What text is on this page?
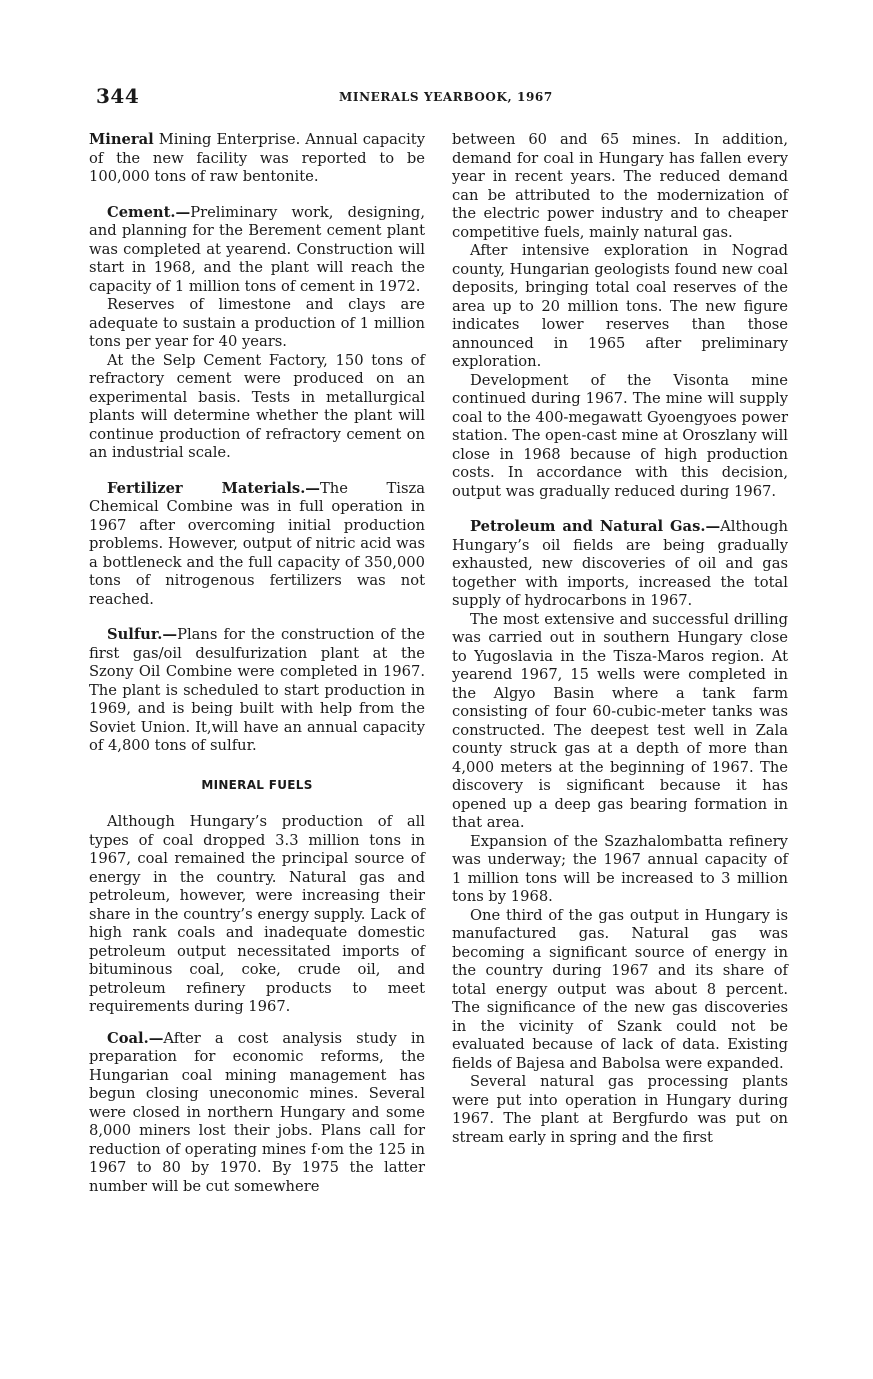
344	MINERALS YEARBOOK, 1967

Mineral Mining Enterprise. Annual capacity of the new facility was reported to be 100,000 tons of raw bentonite.

Cement.—Preliminary work, designing, and planning for the Berement cement plant was completed at yearend. Construction will start in 1968, and the plant will reach the capacity of 1 million tons of cement in 1972.

Reserves of limestone and clays are adequate to sustain a production of 1 million tons per year for 40 years.

At the Selp Cement Factory, 150 tons of refractory cement were produced on an experimental basis. Tests in metallurgical plants will determine whether the plant will continue production of refractory cement on an industrial scale.

Fertilizer Materials.—The Tisza Chemical Combine was in full operation in 1967 after overcoming initial production problems. However, output of nitric acid was a bottleneck and the full capacity of 350,000 tons of nitrogenous fertilizers was not reached.

Sulfur.—Plans for the construction of the first gas/oil desulfurization plant at the Szony Oil Combine were completed in 1967. The plant is scheduled to start production in 1969, and is being built with help from the Soviet Union. It,will have an annual capacity of 4,800 tons of sulfur.

MINERAL FUELS

Although Hungary’s production of all types of coal dropped 3.3 million tons in 1967, coal remained the principal source of energy in the country. Natural gas and petroleum, however, were increasing their share in the country’s energy supply. Lack of high rank coals and inadequate domestic petroleum output necessitated imports of bituminous coal, coke, crude oil, and petroleum refinery products to meet requirements during 1967.

Coal.—After a cost analysis study in preparation for economic reforms, the Hungarian coal mining management has begun closing uneconomic mines. Several were closed in northern Hungary and some 8,000 miners lost their jobs. Plans call for reduction of operating mines f·om the 125 in 1967 to 80 by 1970. By 1975 the latter number will be cut somewhere

between 60 and 65 mines. In addition, demand for coal in Hungary has fallen every year in recent years. The reduced demand can be attributed to the modernization of the electric power industry and to cheaper competitive fuels, mainly natural gas.

After intensive exploration in Nograd county, Hungarian geologists found new coal deposits, bringing total coal reserves of the area up to 20 million tons. The new figure indicates lower reserves than those announced in 1965 after preliminary exploration.

Development of the Visonta mine continued during 1967. The mine will supply coal to the 400-megawatt Gyoengyoes power station. The open-cast mine at Oroszlany will close in 1968 because of high production costs. In accordance with this decision, output was gradually reduced during 1967.

Petroleum and Natural Gas.—Although Hungary’s oil fields are being gradually exhausted, new discoveries of oil and gas together with imports, increased the total supply of hydrocarbons in 1967.

The most extensive and successful drilling was carried out in southern Hungary close to Yugoslavia in the Tisza-Maros region. At yearend 1967, 15 wells were completed in the Algyo Basin where a tank farm consisting of four 60-cubic-meter tanks was constructed. The deepest test well in Zala county struck gas at a depth of more than 4,000 meters at the beginning of 1967. The discovery is significant because it has opened up a deep gas bearing formation in that area.

Expansion of the Szazhalombatta refinery was underway; the 1967 annual capacity of 1 million tons will be increased to 3 million tons by 1968.

One third of the gas output in Hungary is manufactured gas. Natural gas was becoming a significant source of energy in the country during 1967 and its share of total energy output was about 8 percent. The significance of the new gas discoveries in the vicinity of Szank could not be evaluated because of lack of data. Existing fields of Bajesa and Babolsa were expanded.

Several natural gas processing plants were put into operation in Hungary during 1967. The plant at Bergfurdo was put on stream early in spring and the first
